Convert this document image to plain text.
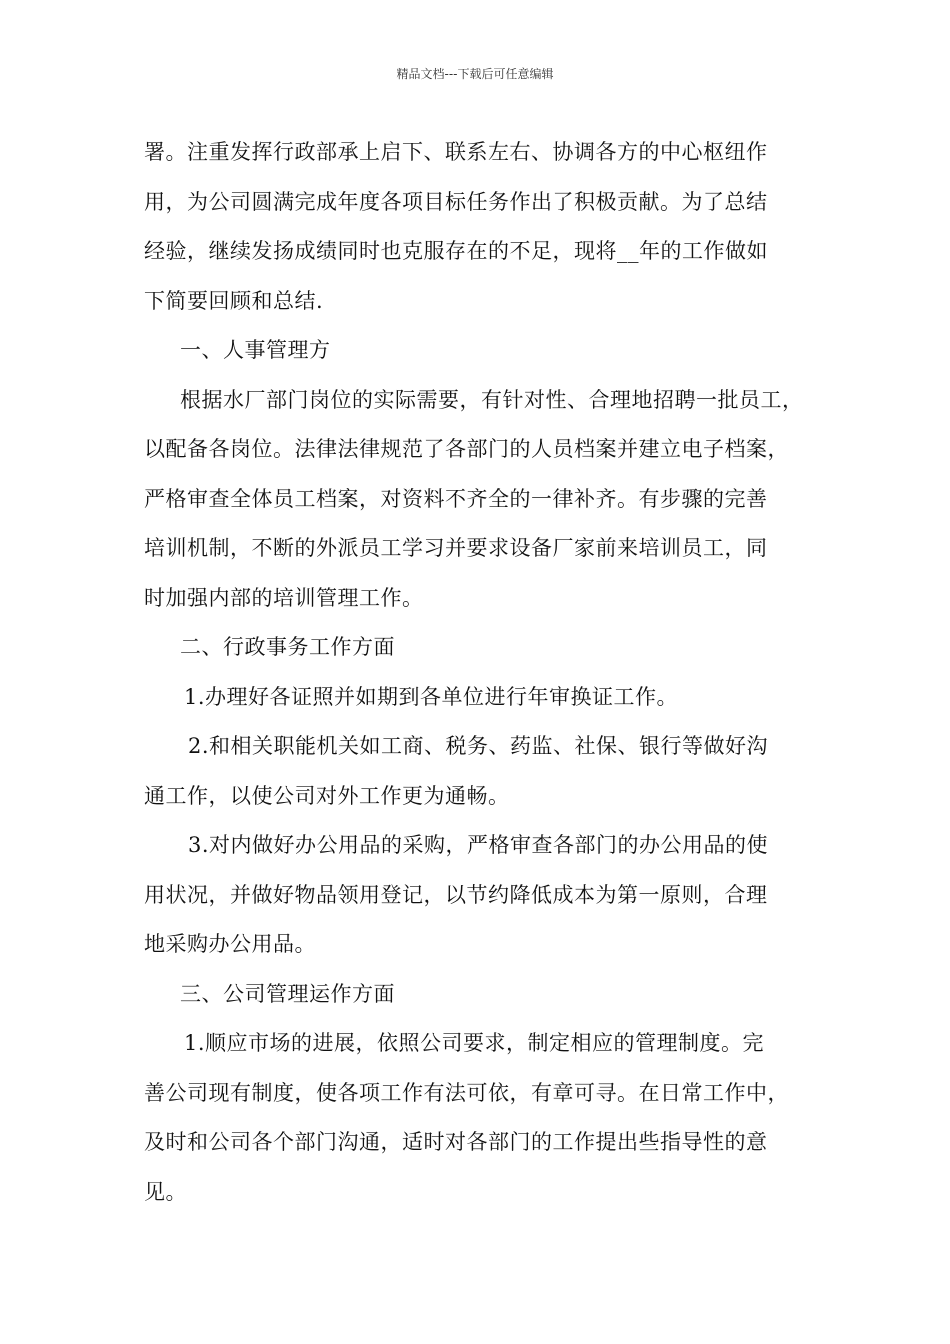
精品文档---下载后可任意编辑
署。注重发挥行政部承上启下、联系左右、协调各方的中心枢纽作
用，为公司圆满完成年度各项目标任务作出了积极贡献。为了总结
经验，继续发扬成绩同时也克服存在的不足，现将__年的工作做如
下简要回顾和总结.
一、人事管理方
根据水厂部门岗位的实际需要，有针对性、合理地招聘一批员工，
以配备各岗位。法律法律规范了各部门的人员档案并建立电子档案，
严格审查全体员工档案，对资料不齐全的一律补齐。有步骤的完善
培训机制，不断的外派员工学习并要求设备厂家前来培训员工，同
时加强内部的培训管理工作。
二、行政事务工作方面
1.办理好各证照并如期到各单位进行年审换证工作。
2.和相关职能机关如工商、税务、药监、社保、银行等做好沟
通工作，以使公司对外工作更为通畅。
3.对内做好办公用品的采购，严格审查各部门的办公用品的使
用状况，并做好物品领用登记，以节约降低成本为第一原则，合理
地采购办公用品。
三、公司管理运作方面
1.顺应市场的进展，依照公司要求，制定相应的管理制度。完
善公司现有制度，使各项工作有法可依，有章可寻。在日常工作中，
及时和公司各个部门沟通，适时对各部门的工作提出些指导性的意
见。
